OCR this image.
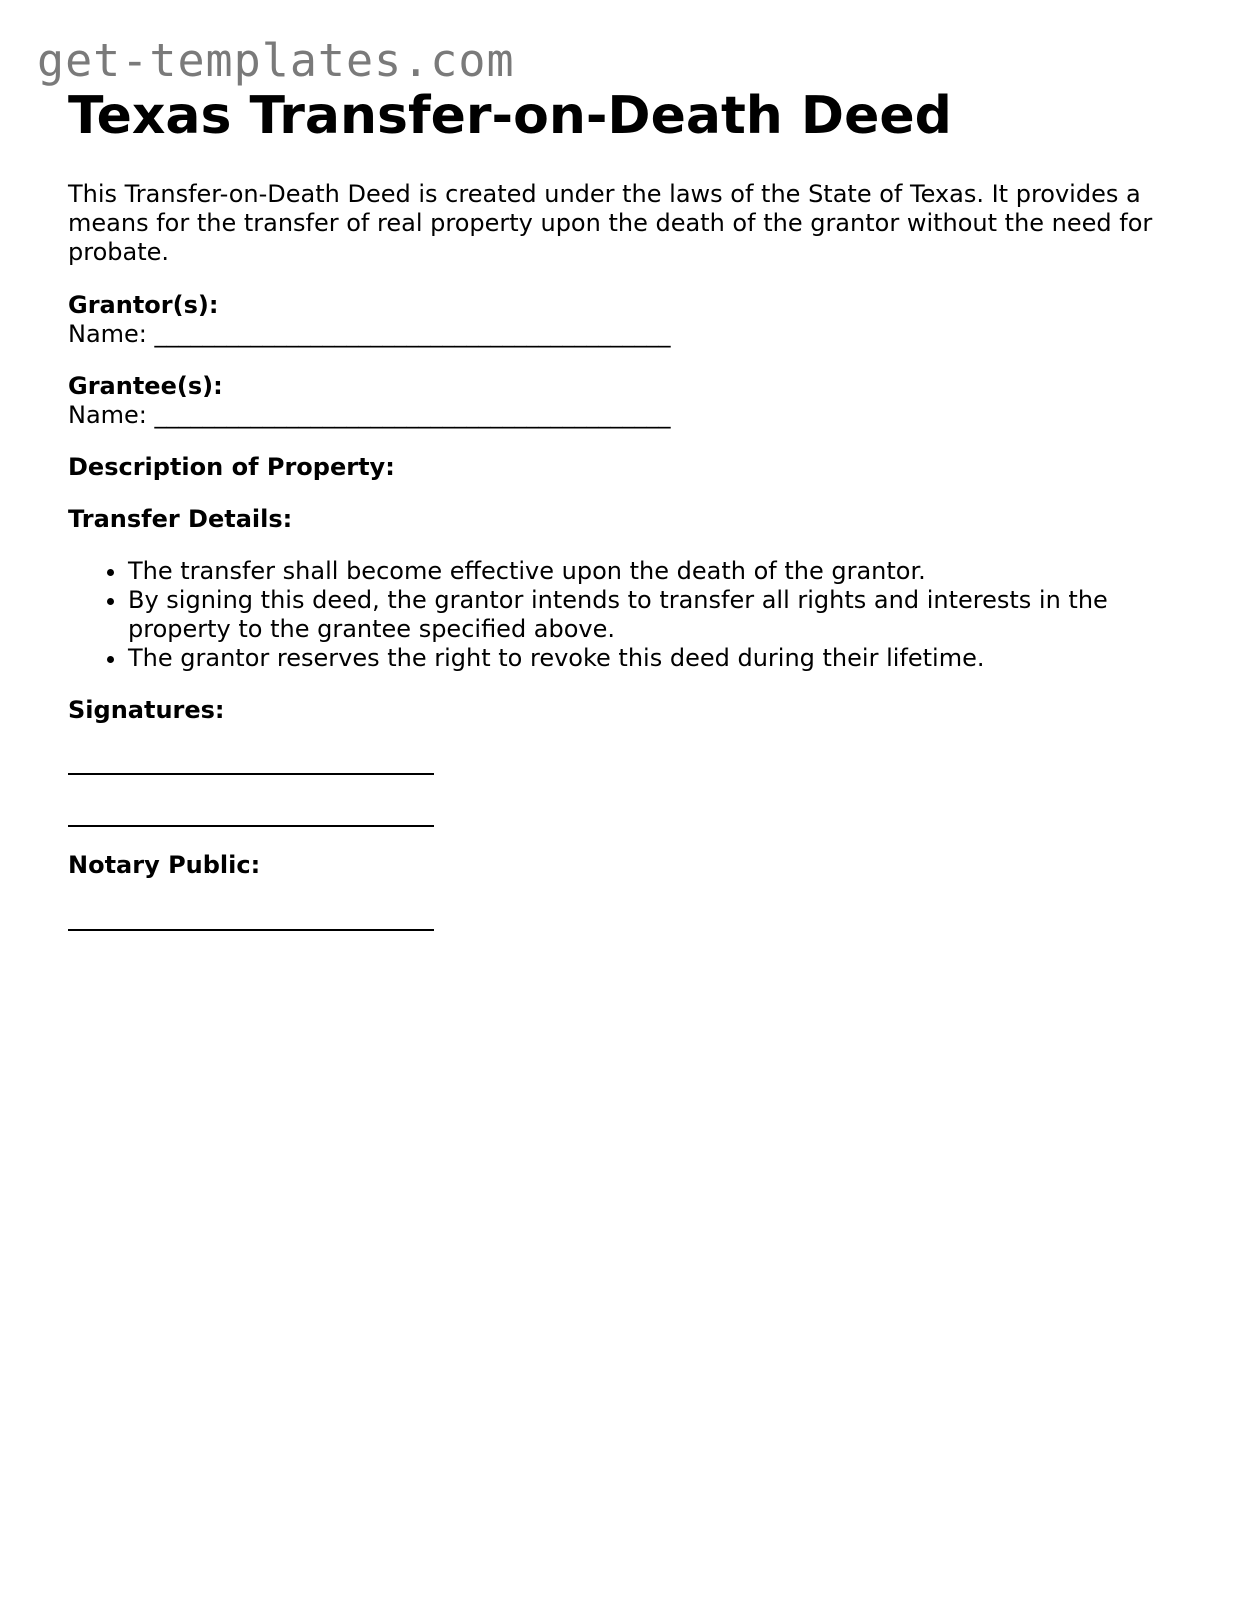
get-templates.com
Texas Transfer-on-Death Deed

This Transfer-on-Death Deed is created under the laws of the State of Texas. It provides a means for the transfer of real property upon the death of the grantor without the need for probate.

Grantor(s):
Name: ___________________________________________
Grantee(s):
Name: ___________________________________________
Description of Property:
Transfer Details:
• The transfer shall become effective upon the death of the grantor.
• By signing this deed, the grantor intends to transfer all rights and interests in the property to the grantee specified above.
• The grantor reserves the right to revoke this deed during their lifetime.
Signatures:
Notary Public:
